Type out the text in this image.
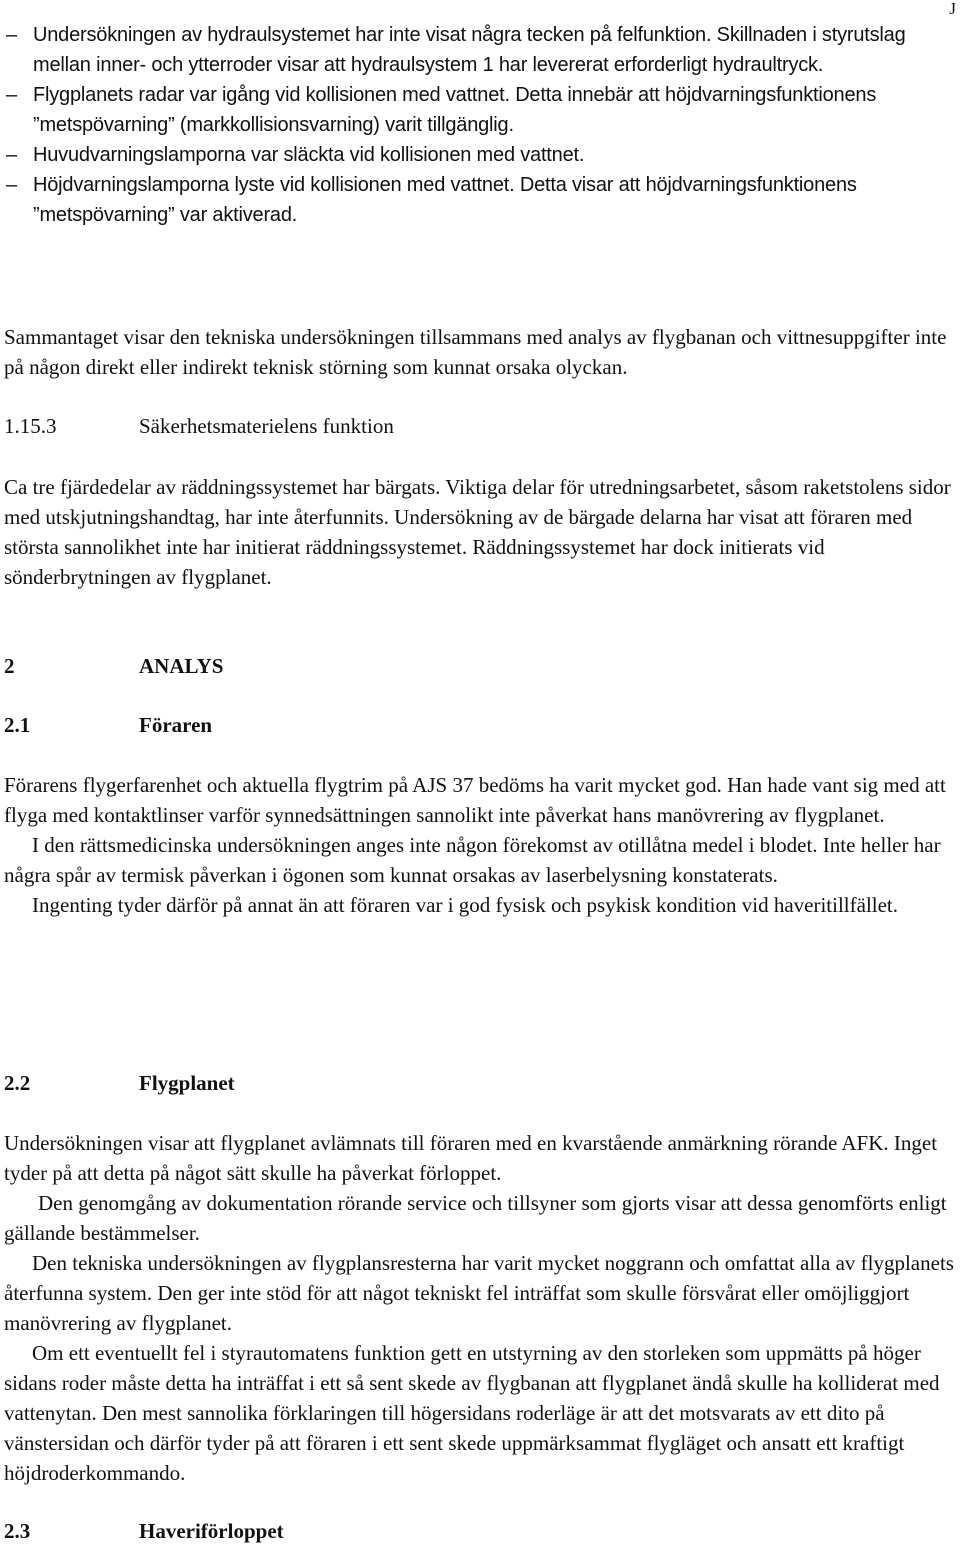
J
– Undersökningen av hydraulsystemet har inte visat några tecken på felfunktion. Skillnaden i styrutslag mellan inner- och ytterroder visar att hydraulsystem 1 har levererat erforderligt hydraultryck.
– Flygplanets radar var igång vid kollisionen med vattnet. Detta innebär att höjdvarningsfunktionens ”metspövarning” (markkollisionsvarning) varit tillgänglig.
– Huvudvarningslamporna var släckta vid kollisionen med vattnet.
– Höjdvarningslamporna lyste vid kollisionen med vattnet. Detta visar att höjdvarningsfunktionens ”metspövarning” var aktiverad.
Sammantaget visar den tekniska undersökningen tillsammans med analys av flygbanan och vittnesuppgifter inte på någon direkt eller indirekt teknisk störning som kunnat orsaka olyckan.
1.15.3	Säkerhetsmaterielens funktion
Ca tre fjärdedelar av räddningssystemet har bärgats. Viktiga delar för utredningsarbetet, såsom raketstolens sidor med utskjutningshandtag, har inte återfunnits. Undersökning av de bärgade delarna har visat att föraren med största sannolikhet inte har initierat räddningssystemet. Räddningssystemet har dock initierats vid sönderbrytningen av flygplanet.
2	ANALYS
2.1	Föraren
Förarens flygerfarenhet och aktuella flygtrim på AJS 37 bedöms ha varit mycket god. Han hade vant sig med att flyga med kontaktlinser varför synnedsättningen sannolikt inte påverkat hans manövrering av flygplanet.
I den rättsmedicinska undersökningen anges inte någon förekomst av otillåtna medel i blodet. Inte heller har några spår av termisk påverkan i ögonen som kunnat orsakas av laserbelysning konstaterats.
Ingenting tyder därför på annat än att föraren var i god fysisk och psykisk kondition vid haveritillfället.
2.2	Flygplanet
Undersökningen visar att flygplanet avlämnats till föraren med en kvarstående anmärkning rörande AFK. Inget tyder på att detta på något sätt skulle ha påverkat förloppet.
Den genomgång av dokumentation rörande service och tillsyner som gjorts visar att dessa genomförts enligt gällande bestämmelser.
Den tekniska undersökningen av flygplansresterna har varit mycket noggrann och omfattat alla av flygplanets återfunna system. Den ger inte stöd för att något tekniskt fel inträffat som skulle försvårat eller omöjliggjort manövrering av flygplanet.
Om ett eventuellt fel i styrautomatens funktion gett en utstyrning av den storleken som uppmätts på höger sidans roder måste detta ha inträffat i ett så sent skede av flygbanan att flygplanet ändå skulle ha kolliderat med vattenytan. Den mest sannolika förklaringen till högersidans roderläge är att det motsvarats av ett dito på vänstersidan och därför tyder på att föraren i ett sent skede uppmärksammat flygläget och ansatt ett kraftigt höjdroderkommando.
2.3	Haveriförloppet
